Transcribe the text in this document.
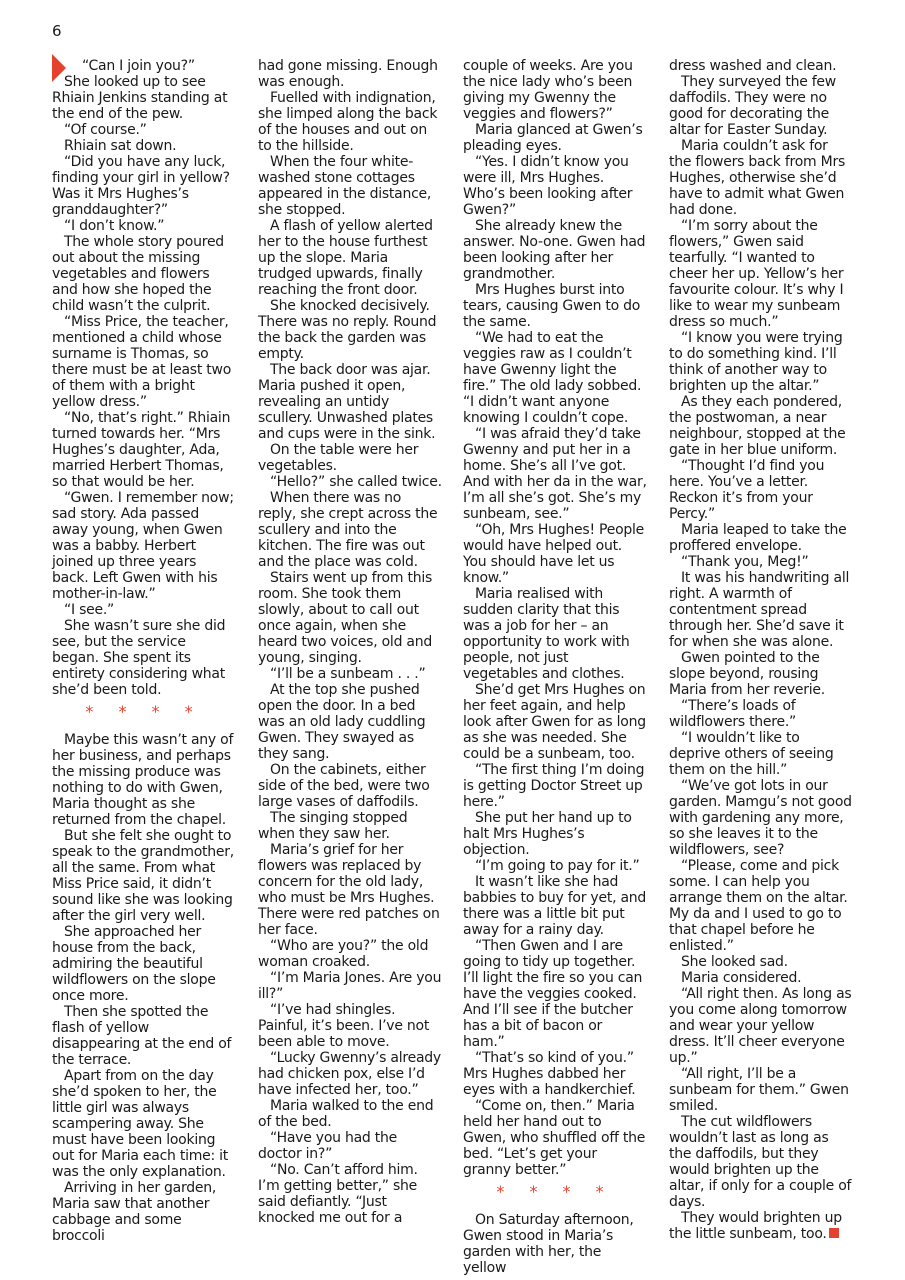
6

“Can I join you?”

She looked up to see Rhiain Jenkins standing at the end of the pew.

“Of course.”

Rhiain sat down.

“Did you have any luck, finding your girl in yellow? Was it Mrs Hughes’s granddaughter?”

“I don’t know.”

The whole story poured out about the missing vegetables and flowers and how she hoped the child wasn’t the culprit.

“Miss Price, the teacher, mentioned a child whose surname is Thomas, so there must be at least two of them with a bright yellow dress.”

“No, that’s right.” Rhiain turned towards her. “Mrs Hughes’s daughter, Ada, married Herbert Thomas, so that would be her.

“Gwen. I remember now; sad story. Ada passed away young, when Gwen was a babby. Herbert joined up three years back. Left Gwen with his mother-in-law.”

“I see.”

She wasn’t sure she did see, but the service began. She spent its entirety considering what she’d been told.

* * * *

Maybe this wasn’t any of her business, and perhaps the missing produce was nothing to do with Gwen, Maria thought as she returned from the chapel.

But she felt she ought to speak to the grandmother, all the same. From what Miss Price said, it didn’t sound like she was looking after the girl very well.

She approached her house from the back, admiring the beautiful wildflowers on the slope once more.

Then she spotted the flash of yellow disappearing at the end of the terrace.

Apart from on the day she’d spoken to her, the little girl was always scampering away. She must have been looking out for Maria each time: it was the only explanation.

Arriving in her garden, Maria saw that another cabbage and some broccoli

had gone missing. Enough was enough.

Fuelled with indignation, she limped along the back of the houses and out on to the hillside.

When the four white-washed stone cottages appeared in the distance, she stopped.

A flash of yellow alerted her to the house furthest up the slope. Maria trudged upwards, finally reaching the front door.

She knocked decisively. There was no reply. Round the back the garden was empty.

The back door was ajar. Maria pushed it open, revealing an untidy scullery. Unwashed plates and cups were in the sink.

On the table were her vegetables.

“Hello?” she called twice.

When there was no reply, she crept across the scullery and into the kitchen. The fire was out and the place was cold.

Stairs went up from this room. She took them slowly, about to call out once again, when she heard two voices, old and young, singing.

“I’ll be a sunbeam . . .”

At the top she pushed open the door. In a bed was an old lady cuddling Gwen. They swayed as they sang.

On the cabinets, either side of the bed, were two large vases of daffodils.

The singing stopped when they saw her.

Maria’s grief for her flowers was replaced by concern for the old lady, who must be Mrs Hughes. There were red patches on her face.

“Who are you?” the old woman croaked.

“I’m Maria Jones. Are you ill?”

“I’ve had shingles. Painful, it’s been. I’ve not been able to move.

“Lucky Gwenny’s already had chicken pox, else I’d have infected her, too.”

Maria walked to the end of the bed.

“Have you had the doctor in?”

“No. Can’t afford him. I’m getting better,” she said defiantly. “Just knocked me out for a

couple of weeks. Are you the nice lady who’s been giving my Gwenny the veggies and flowers?”

Maria glanced at Gwen’s pleading eyes.

“Yes. I didn’t know you were ill, Mrs Hughes. Who’s been looking after Gwen?”

She already knew the answer. No-one. Gwen had been looking after her grandmother.

Mrs Hughes burst into tears, causing Gwen to do the same.

“We had to eat the veggies raw as I couldn’t have Gwenny light the fire.” The old lady sobbed. “I didn’t want anyone knowing I couldn’t cope.

“I was afraid they’d take Gwenny and put her in a home. She’s all I’ve got. And with her da in the war, I’m all she’s got. She’s my sunbeam, see.”

“Oh, Mrs Hughes! People would have helped out. You should have let us know.”

Maria realised with sudden clarity that this was a job for her – an opportunity to work with people, not just vegetables and clothes.

She’d get Mrs Hughes on her feet again, and help look after Gwen for as long as she was needed. She could be a sunbeam, too.

“The first thing I’m doing is getting Doctor Street up here.”

She put her hand up to halt Mrs Hughes’s objection.

“I’m going to pay for it.”

It wasn’t like she had babbies to buy for yet, and there was a little bit put away for a rainy day.

“Then Gwen and I are going to tidy up together. I’ll light the fire so you can have the veggies cooked. And I’ll see if the butcher has a bit of bacon or ham.”

“That’s so kind of you.” Mrs Hughes dabbed her eyes with a handkerchief.

“Come on, then.” Maria held her hand out to Gwen, who shuffled off the bed. “Let’s get your granny better.”

* * * *

On Saturday afternoon, Gwen stood in Maria’s garden with her, the yellow

dress washed and clean.

They surveyed the few daffodils. They were no good for decorating the altar for Easter Sunday.

Maria couldn’t ask for the flowers back from Mrs Hughes, otherwise she’d have to admit what Gwen had done.

“I’m sorry about the flowers,” Gwen said tearfully. “I wanted to cheer her up. Yellow’s her favourite colour. It’s why I like to wear my sunbeam dress so much.”

“I know you were trying to do something kind. I’ll think of another way to brighten up the altar.”

As they each pondered, the postwoman, a near neighbour, stopped at the gate in her blue uniform.

“Thought I’d find you here. You’ve a letter. Reckon it’s from your Percy.”

Maria leaped to take the proffered envelope.

“Thank you, Meg!”

It was his handwriting all right. A warmth of contentment spread through her. She’d save it for when she was alone.

Gwen pointed to the slope beyond, rousing Maria from her reverie.

“There’s loads of wildflowers there.”

“I wouldn’t like to deprive others of seeing them on the hill.”

“We’ve got lots in our garden. Mamgu’s not good with gardening any more, so she leaves it to the wildflowers, see?

“Please, come and pick some. I can help you arrange them on the altar. My da and I used to go to that chapel before he enlisted.”

She looked sad.

Maria considered.

“All right then. As long as you come along tomorrow and wear your yellow dress. It’ll cheer everyone up.”

“All right, I’ll be a sunbeam for them.” Gwen smiled.

The cut wildflowers wouldn’t last as long as the daffodils, but they would brighten up the altar, if only for a couple of days.

They would brighten up the little sunbeam, too.
